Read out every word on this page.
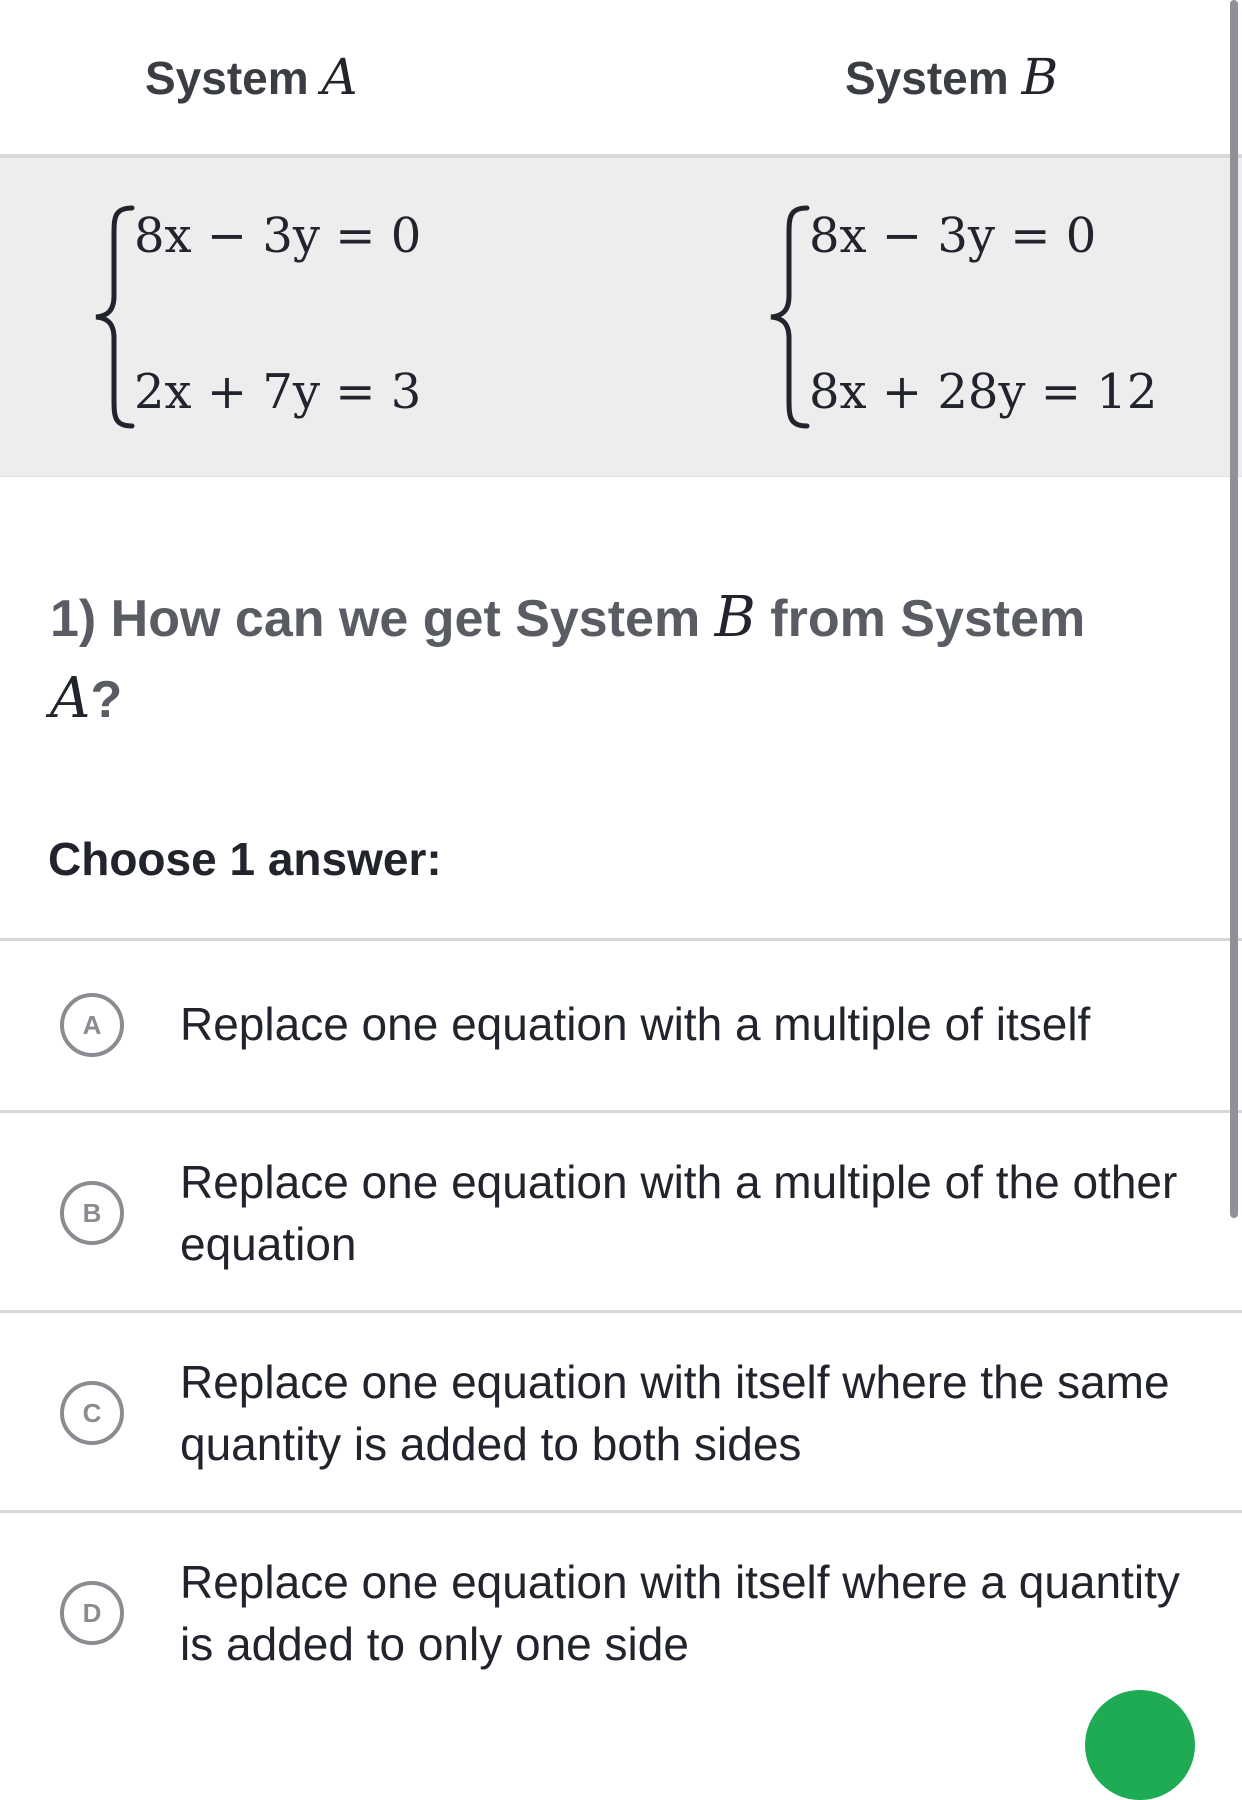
System A	System B
8x − 3y = 0
2x + 7y = 3
8x − 3y = 0
8x + 28y = 12
1) How can we get System B from System
A?
Choose 1 answer:
A	Replace one equation with a multiple of itself
B
Replace one equation with a multiple of the other equation
C
Replace one equation with itself where the same quantity is added to both sides
D
Replace one equation with itself where a quantity is added to only one side
